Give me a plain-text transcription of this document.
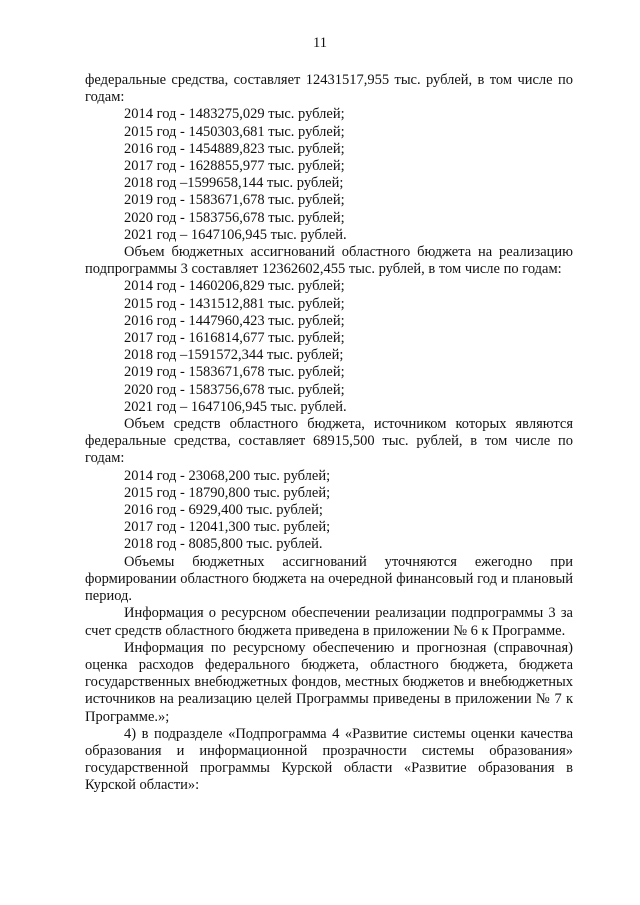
11

федеральные средства, составляет 12431517,955 тыс. рублей, в том числе по годам:

2014 год - 1483275,029 тыс. рублей;
2015 год - 1450303,681 тыс. рублей;
2016 год - 1454889,823 тыс. рублей;
2017 год - 1628855,977 тыс. рублей;
2018 год –1599658,144 тыс. рублей;
2019 год - 1583671,678 тыс. рублей;
2020 год - 1583756,678 тыс. рублей;
2021 год – 1647106,945 тыс. рублей.

Объем бюджетных ассигнований областного бюджета на реализацию подпрограммы 3 составляет 12362602,455 тыс. рублей, в том числе по годам:

2014 год - 1460206,829 тыс. рублей;
2015 год - 1431512,881 тыс. рублей;
2016 год - 1447960,423 тыс. рублей;
2017 год - 1616814,677 тыс. рублей;
2018 год –1591572,344 тыс. рублей;
2019 год - 1583671,678 тыс. рублей;
2020 год - 1583756,678 тыс. рублей;
2021 год – 1647106,945 тыс. рублей.

Объем средств областного бюджета, источником которых являются федеральные средства, составляет 68915,500 тыс. рублей, в том числе по годам:

2014 год - 23068,200 тыс. рублей;
2015 год - 18790,800 тыс. рублей;
2016 год - 6929,400 тыс. рублей;
2017 год - 12041,300 тыс. рублей;
2018 год - 8085,800 тыс. рублей.

Объемы бюджетных ассигнований уточняются ежегодно при формировании областного бюджета на очередной финансовый год и плановый период.

Информация о ресурсном обеспечении реализации подпрограммы 3 за счет средств областного бюджета приведена в приложении № 6 к Программе.

Информация по ресурсному обеспечению и прогнозная (справочная) оценка расходов федерального бюджета, областного бюджета, бюджета государственных внебюджетных фондов, местных бюджетов и внебюджетных источников на реализацию целей Программы приведены в приложении № 7 к Программе.»;

4) в подразделе «Подпрограмма 4 «Развитие системы оценки качества образования и информационной прозрачности системы образования» государственной программы Курской области «Развитие образования в Курской области»:
